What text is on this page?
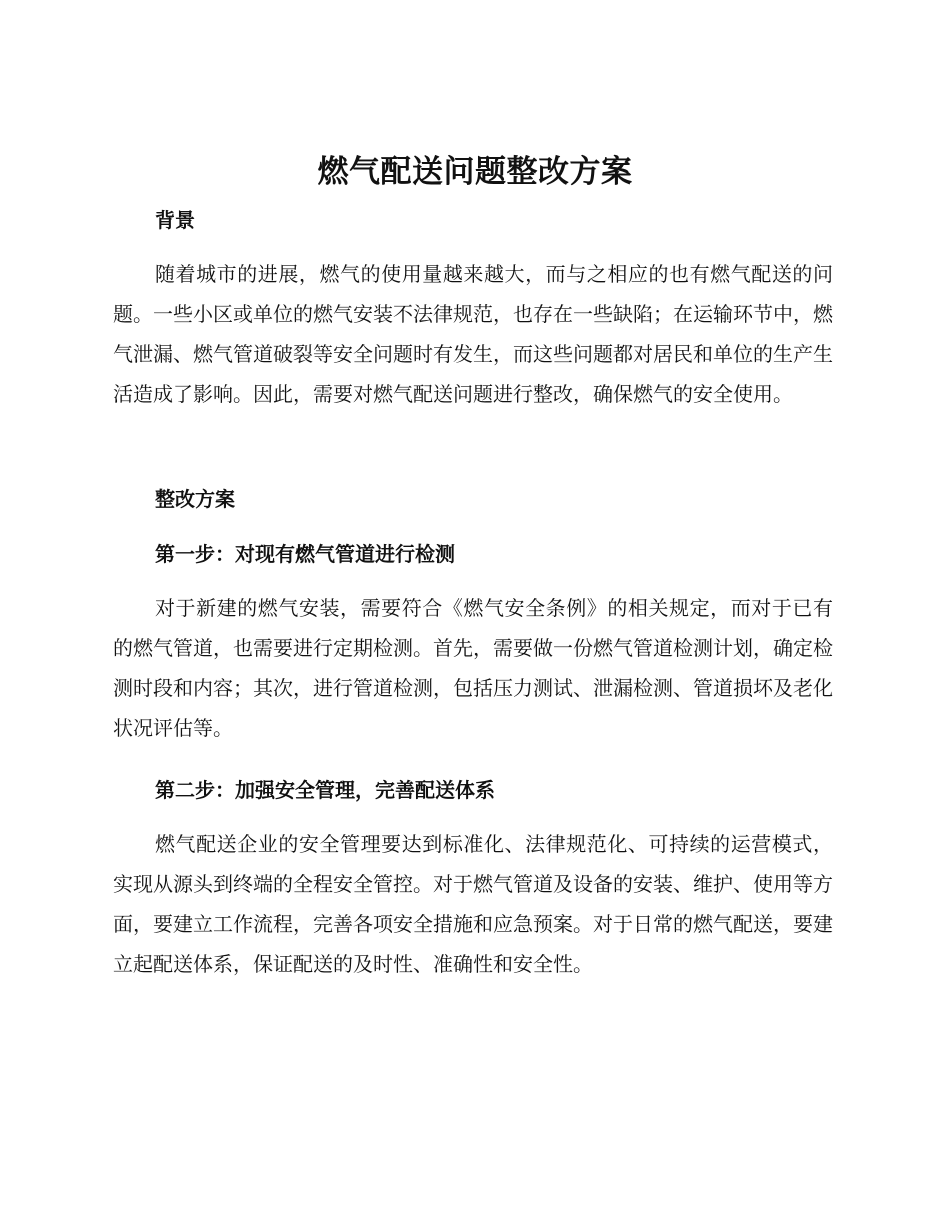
燃气配送问题整改方案
背景

随着城市的进展，燃气的使用量越来越大，而与之相应的也有燃气配送的问题。一些小区或单位的燃气安装不法律规范，也存在一些缺陷；在运输环节中，燃气泄漏、燃气管道破裂等安全问题时有发生，而这些问题都对居民和单位的生产生活造成了影响。因此，需要对燃气配送问题进行整改，确保燃气的安全使用。

整改方案
第一步：对现有燃气管道进行检测

对于新建的燃气安装，需要符合《燃气安全条例》的相关规定，而对于已有的燃气管道，也需要进行定期检测。首先，需要做一份燃气管道检测计划，确定检测时段和内容；其次，进行管道检测，包括压力测试、泄漏检测、管道损坏及老化状况评估等。

第二步：加强安全管理，完善配送体系

燃气配送企业的安全管理要达到标准化、法律规范化、可持续的运营模式，实现从源头到终端的全程安全管控。对于燃气管道及设备的安装、维护、使用等方面，要建立工作流程，完善各项安全措施和应急预案。对于日常的燃气配送，要建立起配送体系，保证配送的及时性、准确性和安全性。
